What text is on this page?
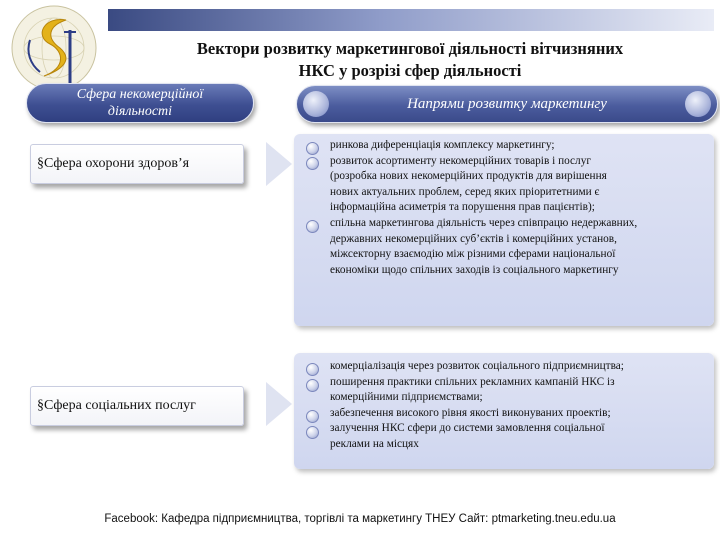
Вектори розвитку маркетингової діяльності вітчизняних
НКС у розрізі сфер діяльності
Сфера некомерційної
діяльності	Напрями розвитку маркетингу
§Сфера охорони здоров’я

ринкова диференціація комплексу маркетингу;

розвиток асортименту некомерційних товарів і послуг

(розробка нових некомерційних продуктів для вирішення

нових актуальних проблем, серед яких пріоритетними є

інформаційна асиметрія та порушення прав пацієнтів);

спільна маркетингова діяльність через співпрацю недержавних,

державних некомерційних суб’єктів і комерційних установ,

міжсекторну взаємодію між різними сферами національної

економіки щодо спільних заходів із соціального маркетингу

§Сфера соціальних послуг

комерціалізація через розвиток соціального підприємництва;

поширення практики спільних рекламних кампаній НКС із

комерційними підприємствами;

забезпечення високого рівня якості виконуваних проектів;

залучення НКС сфери до системи замовлення соціальної

реклами на місцях

Facebook: Кафедра підприємництва, торгівлі та маркетингу ТНЕУ Сайт: ptmarketing.tneu.edu.ua
